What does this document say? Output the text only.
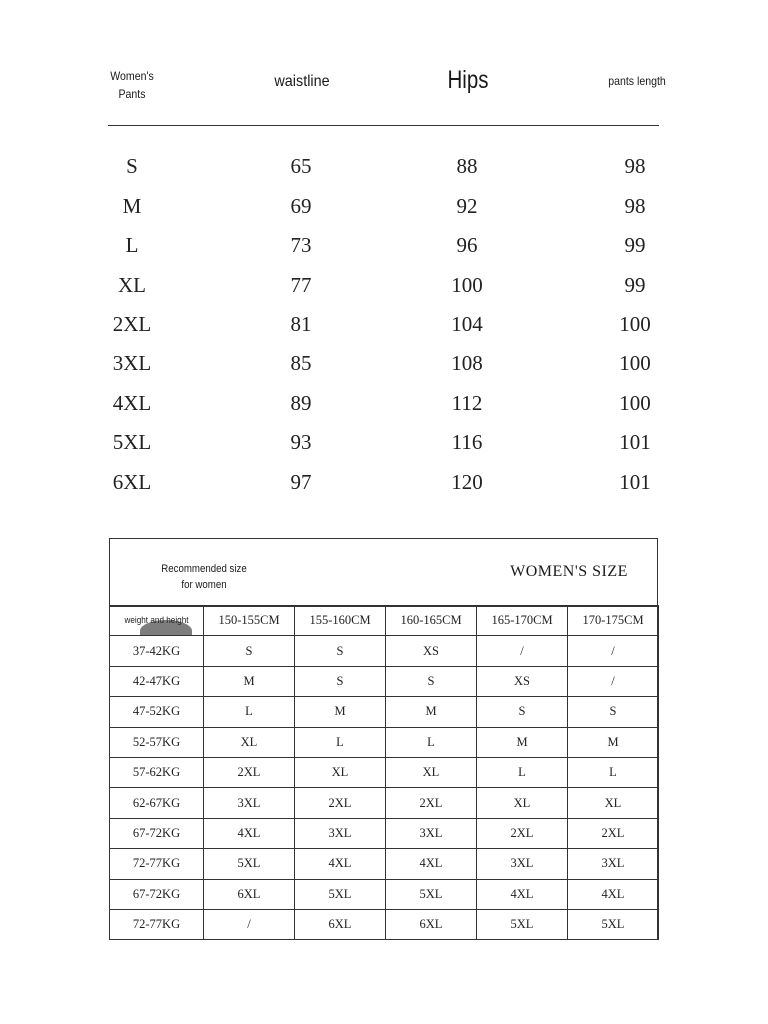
Women's
Pants
waistline	Hips	pants length
S	65	88	98
M	69	92	98
L	73	96	99
XL	77	100	99
2XL	81	104	100
3XL	85	108	100
4XL	89	112	100
5XL	93	116	101
6XL	97	120	101
Recommended size for women
WOMEN'S SIZE
weight and height	150-155CM	155-160CM	160-165CM	165-170CM	170-175CM
37-42KG	S	S	XS	/	/
42-47KG	M	S	S	XS	/
47-52KG	L	M	M	S	S
52-57KG	XL	L	L	M	M
57-62KG	2XL	XL	XL	L	L
62-67KG	3XL	2XL	2XL	XL	XL
67-72KG	4XL	3XL	3XL	2XL	2XL
72-77KG	5XL	4XL	4XL	3XL	3XL
67-72KG	6XL	5XL	5XL	4XL	4XL
72-77KG	/	6XL	6XL	5XL	5XL
